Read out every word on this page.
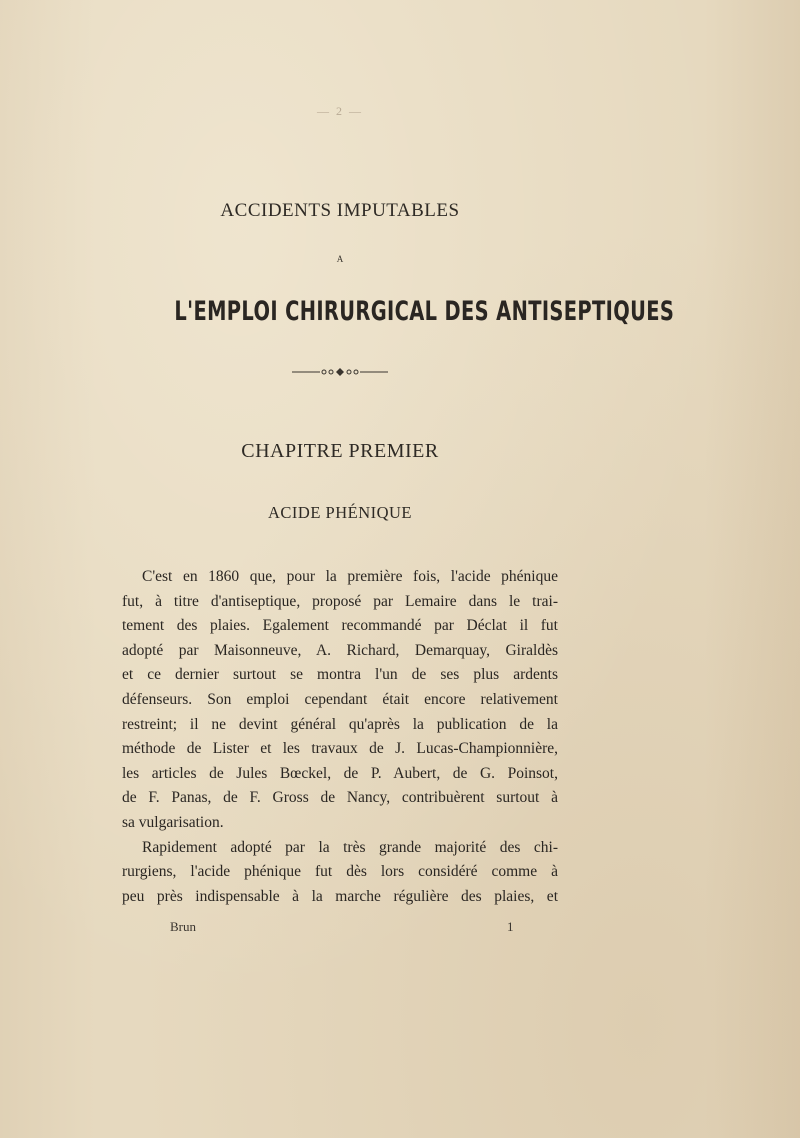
— 2 —
ACCIDENTS IMPUTABLES
A
L'EMPLOI CHIRURGICAL DES ANTISEPTIQUES
CHAPITRE PREMIER
ACIDE PHÉNIQUE
C'est en 1860 que, pour la première fois, l'acide phénique
fut, à titre d'antiseptique, proposé par Lemaire dans le trai-
tement des plaies. Egalement recommandé par Déclat il fut
adopté par Maisonneuve, A. Richard, Demarquay, Giraldès
et ce dernier surtout se montra l'un de ses plus ardents
défenseurs. Son emploi cependant était encore relativement
restreint; il ne devint général qu'après la publication de la
méthode de Lister et les travaux de J. Lucas-Championnière,
les articles de Jules Bœckel, de P. Aubert, de G. Poinsot,
de F. Panas, de F. Gross de Nancy, contribuèrent surtout à
sa vulgarisation.
Rapidement adopté par la très grande majorité des chi-
rurgiens, l'acide phénique fut dès lors considéré comme à
peu près indispensable à la marche régulière des plaies, et
Brun	1
